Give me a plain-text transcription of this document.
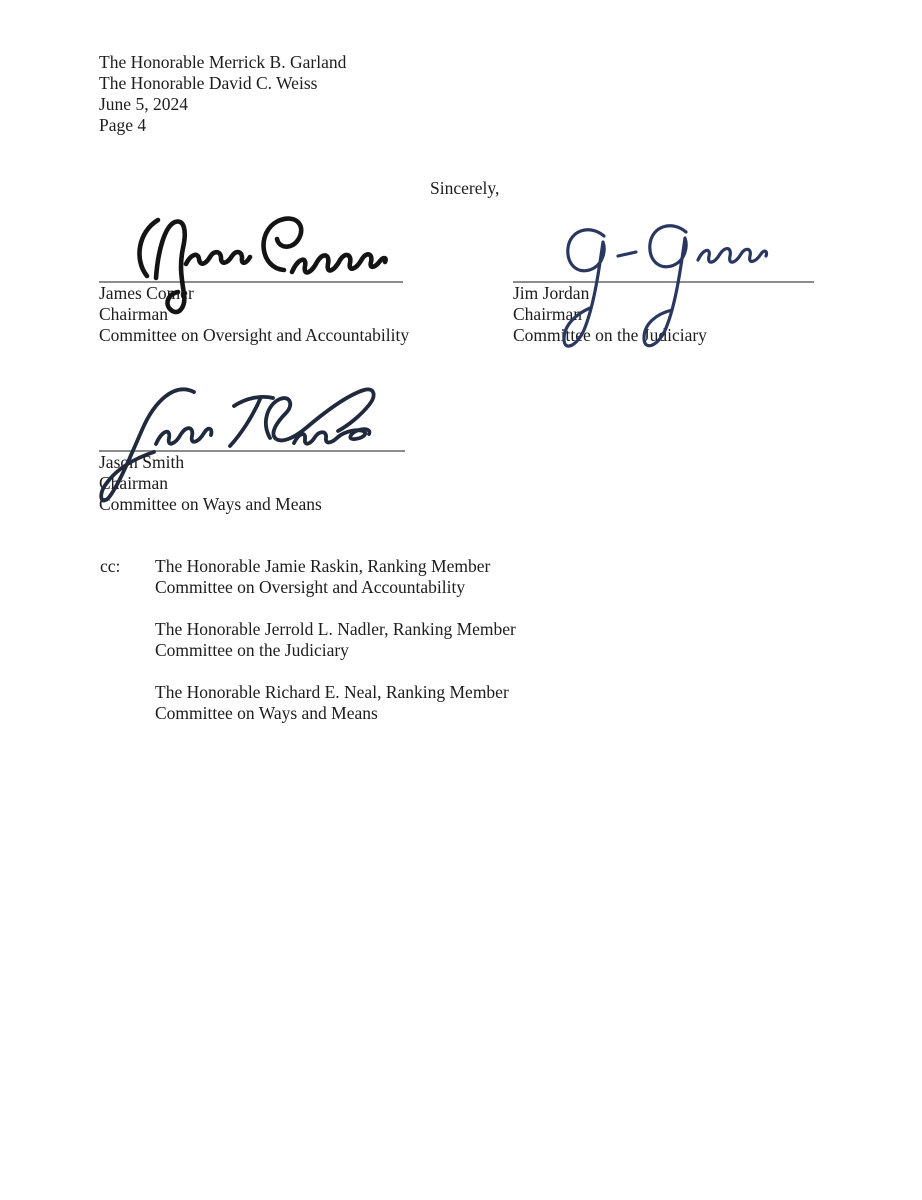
The Honorable Merrick B. Garland
The Honorable David C. Weiss
June 5, 2024
Page 4
Sincerely,
James Comer
Chairman
Committee on Oversight and Accountability
Jim Jordan
Chairman
Committee on the Judiciary
Jason Smith
Chairman
Committee on Ways and Means
cc: The Honorable Jamie Raskin, Ranking Member
Committee on Oversight and Accountability
The Honorable Jerrold L. Nadler, Ranking Member
Committee on the Judiciary
The Honorable Richard E. Neal, Ranking Member
Committee on Ways and Means
